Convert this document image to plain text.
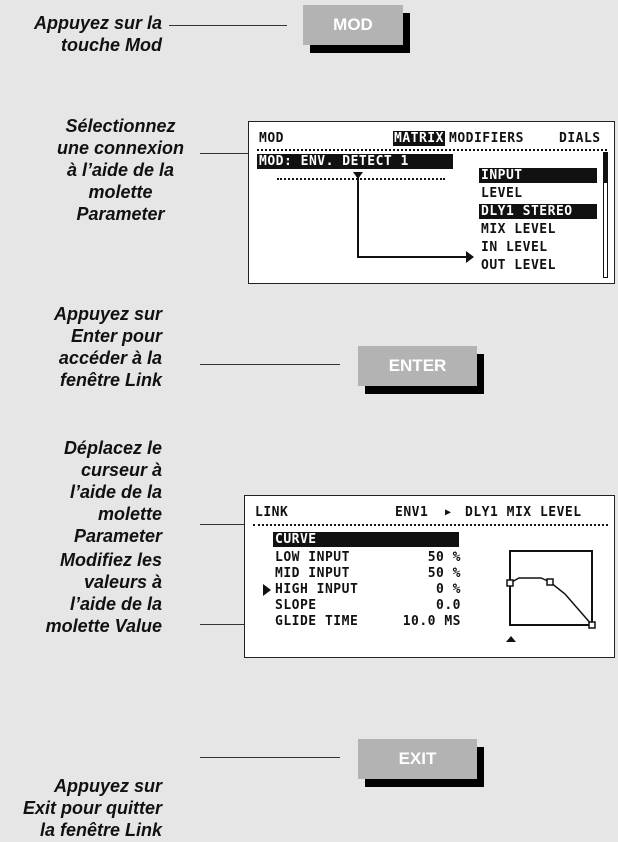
Appuyez sur la
touche Mod
MOD
Sélectionnez
une connexion
à l’aide de la
molette
Parameter
MOD	MATRIX MODIFIERS	DIALS
MOD: ENV. DETECT 1
INPUT
LEVEL
DLY1 STEREO
MIX LEVEL
IN LEVEL
OUT LEVEL
Appuyez sur
Enter pour
accéder à la
fenêtre Link
ENTER
Déplacez le
curseur à
l’aide de la
molette
Parameter
Modifiez les
valeurs à
l’aide de la
molette Value
LINK	ENV1 ▶ DLY1 MIX LEVEL
CURVE
LOW INPUT	50 %
MID INPUT	50 %
HIGH INPUT	0 %
SLOPE	0.0
GLIDE TIME	10.0 MS
Appuyez sur
Exit pour quitter
la fenêtre Link
EXIT
